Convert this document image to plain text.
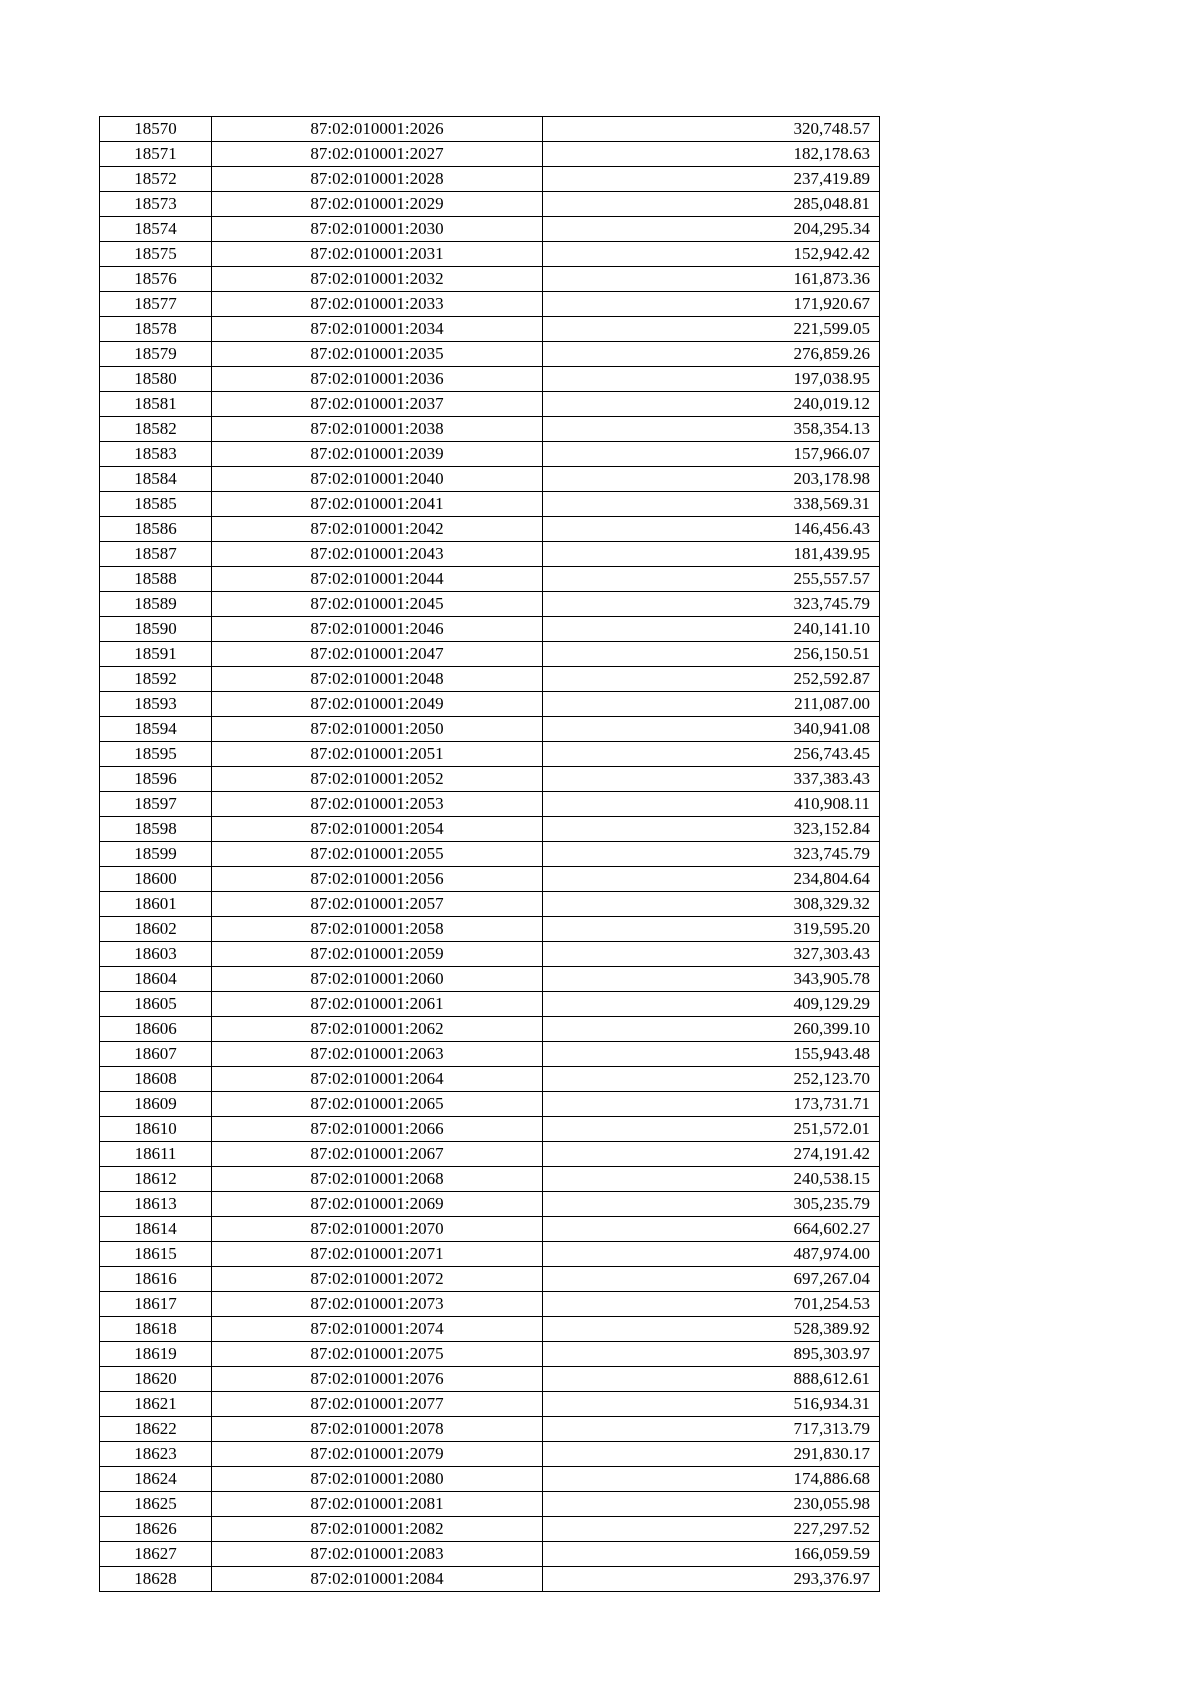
18570	87:02:010001:2026	320,748.57
18571	87:02:010001:2027	182,178.63
18572	87:02:010001:2028	237,419.89
18573	87:02:010001:2029	285,048.81
18574	87:02:010001:2030	204,295.34
18575	87:02:010001:2031	152,942.42
18576	87:02:010001:2032	161,873.36
18577	87:02:010001:2033	171,920.67
18578	87:02:010001:2034	221,599.05
18579	87:02:010001:2035	276,859.26
18580	87:02:010001:2036	197,038.95
18581	87:02:010001:2037	240,019.12
18582	87:02:010001:2038	358,354.13
18583	87:02:010001:2039	157,966.07
18584	87:02:010001:2040	203,178.98
18585	87:02:010001:2041	338,569.31
18586	87:02:010001:2042	146,456.43
18587	87:02:010001:2043	181,439.95
18588	87:02:010001:2044	255,557.57
18589	87:02:010001:2045	323,745.79
18590	87:02:010001:2046	240,141.10
18591	87:02:010001:2047	256,150.51
18592	87:02:010001:2048	252,592.87
18593	87:02:010001:2049	211,087.00
18594	87:02:010001:2050	340,941.08
18595	87:02:010001:2051	256,743.45
18596	87:02:010001:2052	337,383.43
18597	87:02:010001:2053	410,908.11
18598	87:02:010001:2054	323,152.84
18599	87:02:010001:2055	323,745.79
18600	87:02:010001:2056	234,804.64
18601	87:02:010001:2057	308,329.32
18602	87:02:010001:2058	319,595.20
18603	87:02:010001:2059	327,303.43
18604	87:02:010001:2060	343,905.78
18605	87:02:010001:2061	409,129.29
18606	87:02:010001:2062	260,399.10
18607	87:02:010001:2063	155,943.48
18608	87:02:010001:2064	252,123.70
18609	87:02:010001:2065	173,731.71
18610	87:02:010001:2066	251,572.01
18611	87:02:010001:2067	274,191.42
18612	87:02:010001:2068	240,538.15
18613	87:02:010001:2069	305,235.79
18614	87:02:010001:2070	664,602.27
18615	87:02:010001:2071	487,974.00
18616	87:02:010001:2072	697,267.04
18617	87:02:010001:2073	701,254.53
18618	87:02:010001:2074	528,389.92
18619	87:02:010001:2075	895,303.97
18620	87:02:010001:2076	888,612.61
18621	87:02:010001:2077	516,934.31
18622	87:02:010001:2078	717,313.79
18623	87:02:010001:2079	291,830.17
18624	87:02:010001:2080	174,886.68
18625	87:02:010001:2081	230,055.98
18626	87:02:010001:2082	227,297.52
18627	87:02:010001:2083	166,059.59
18628	87:02:010001:2084	293,376.97
